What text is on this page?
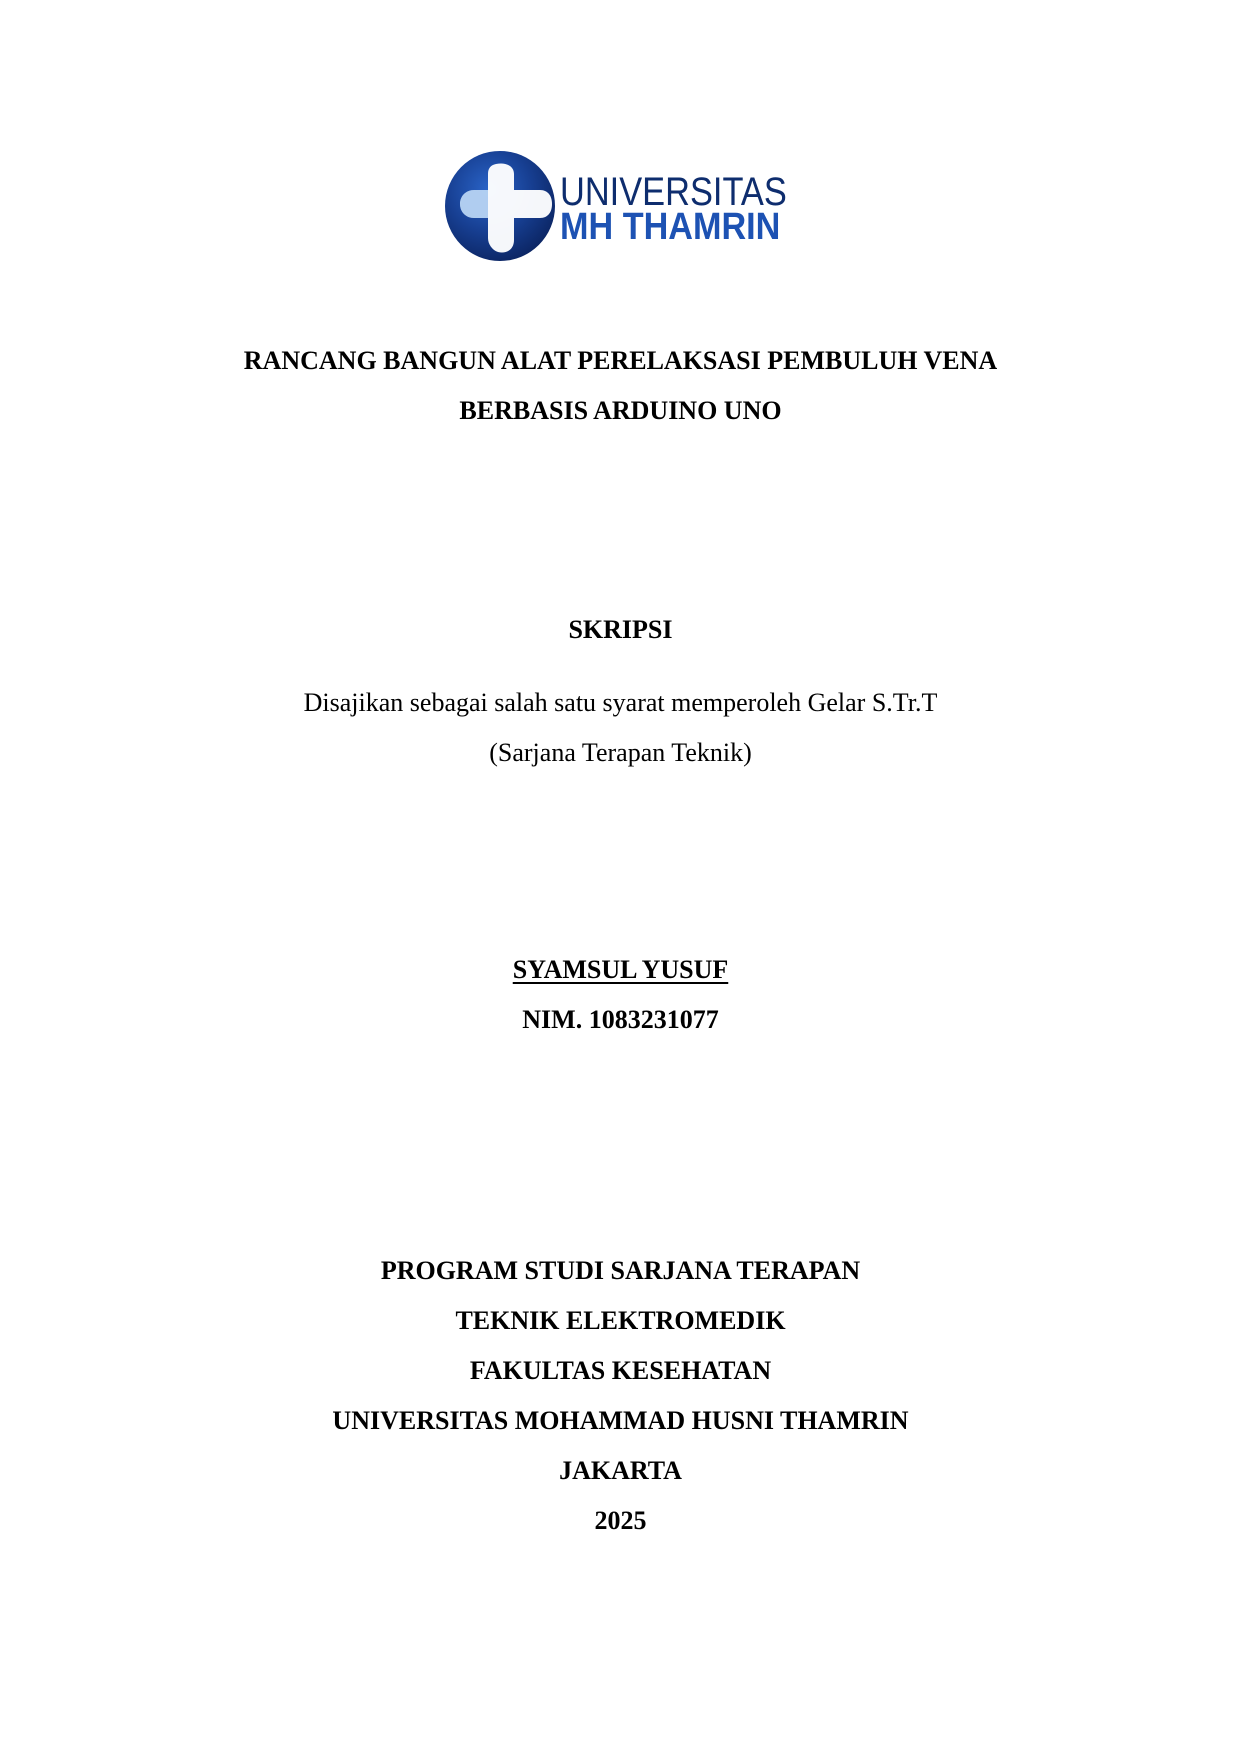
UNIVERSITAS
MH THAMRIN
RANCANG BANGUN ALAT PERELAKSASI PEMBULUH VENA
BERBASIS ARDUINO UNO
SKRIPSI
Disajikan sebagai salah satu syarat memperoleh Gelar S.Tr.T
(Sarjana Terapan Teknik)
SYAMSUL YUSUF
NIM. 1083231077
PROGRAM STUDI SARJANA TERAPAN
TEKNIK ELEKTROMEDIK
FAKULTAS KESEHATAN
UNIVERSITAS MOHAMMAD HUSNI THAMRIN
JAKARTA
2025
